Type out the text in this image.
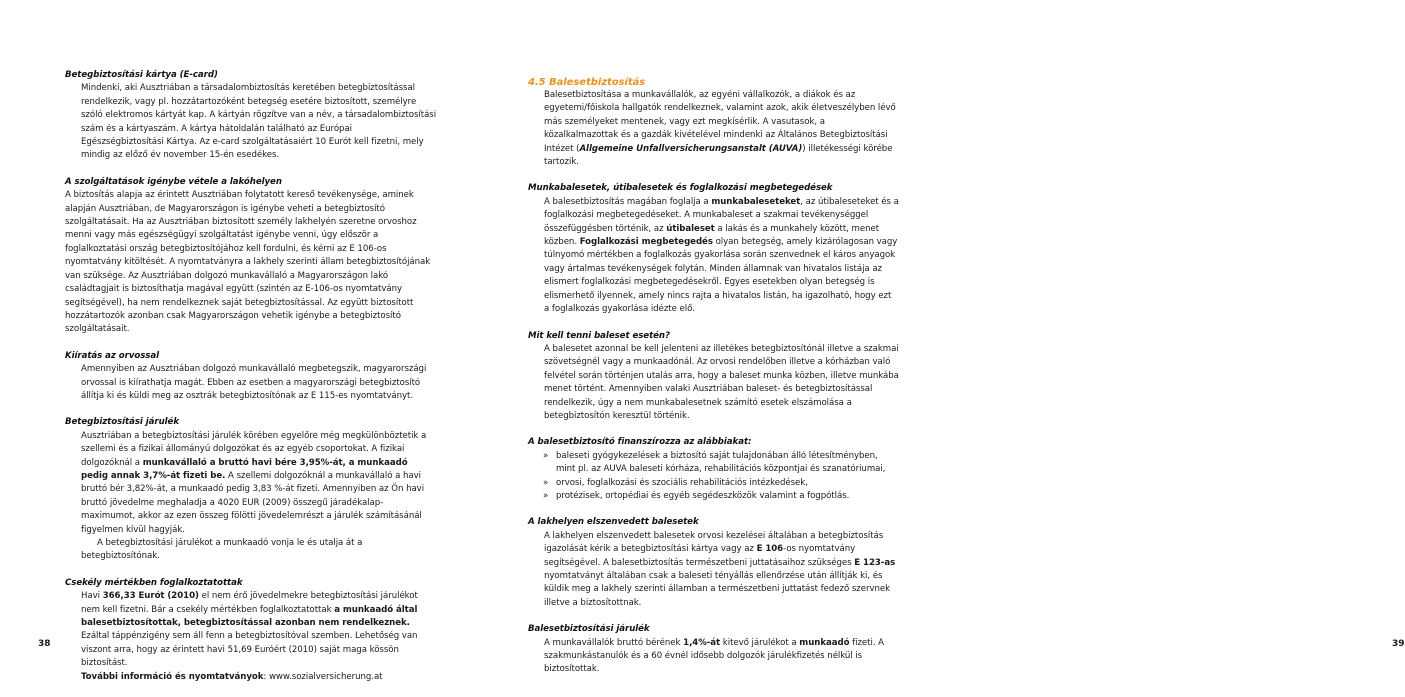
Betegbiztosítási kártya (E-card)

Mindenki, aki Ausztriában a társadalombiztosítás keretében betegbiztosítással rendelkezik, vagy pl. hozzátartozóként betegség esetére biztosított, személyre szóló elektromos kártyát kap. A kártyán rögzítve van a név, a társadalombiztosítási szám és a kártyaszám. A kártya hátoldalán található az Európai Egészségbiztosítási Kártya. Az e-card szolgáltatásaiért 10 Eurót kell fizetni, mely mindig az előző év november 15-én esedékes.

A szolgáltatások igénybe vétele a lakóhelyen

A biztosítás alapja az érintett Ausztriában folytatott kereső tevékenysége, aminek alapján Ausztriában, de Magyarországon is igénybe veheti a betegbiztosító szolgáltatásait. Ha az Ausztriában biztosított személy lakhelyén szeretne orvoshoz menni vagy más egészségügyi szolgáltatást igénybe venni, úgy először a foglalkoztatási ország betegbiztosítójához kell fordulni, és kérni az E 106-os nyomtatvány kitöltését. A nyomtatványra a lakhely szerinti állam betegbiztosítójának van szüksége. Az Ausztriában dolgozó munkavállaló a Magyarországon lakó családtagjait is biztosíthatja magával együtt (szintén az E-106-os nyomtatvány segítségével), ha nem rendelkeznek saját betegbiztosítással. Az együtt biztosított hozzátartozók azonban csak Magyarországon vehetik igénybe a betegbiztosító szolgáltatásait.

Kiíratás az orvossal

Amennyiben az Ausztriában dolgozó munkavállaló megbetegszik, magyarországi orvossal is kiírathatja magát. Ebben az esetben a magyarországi betegbiztosító állítja ki és küldi meg az osztrák betegbiztosítónak az E 115-es nyomtatványt.

Betegbiztosítási járulék

Ausztriában a betegbiztosítási járulék körében egyelőre még megkülönböztetik a szellemi és a fizikai állományú dolgozókat és az egyéb csoportokat. A fizikai dolgozóknál a munkavállaló a bruttó havi bére 3,95%-át, a munkaadó pedig annak 3,7%-át fizeti be. A szellemi dolgozóknál a munkavállaló a havi bruttó bér 3,82%-át, a munkaadó pedig 3,83 %-át fizeti. Amennyiben az Ön havi bruttó jövedelme meghaladja a 4020 EUR (2009) összegű járadékalap-maximumot, akkor az ezen összeg fölötti jövedelemrészt a járulék számításánál figyelmen kívül hagyják.

A betegbiztosítási járulékot a munkaadó vonja le és utalja át a betegbiztosítónak.

Csekély mértékben foglalkoztatottak

Havi 366,33 Eurót (2010) el nem érő jövedelmekre betegbiztosítási járulékot nem kell fizetni. Bár a csekély mértékben foglalkoztatottak a munkaadó által balesetbiztosítottak, betegbiztosítással azonban nem rendelkeznek. Ezáltal táppénzigény sem áll fenn a betegbiztosítóval szemben. Lehetőség van viszont arra, hogy az érintett havi 51,69 Euróért (2010) saját maga kössön biztosítást.

További információ és nyomtatványok: www.sozialversicherung.at

38	39
4.5 Balesetbiztosítás

Balesetbiztosítása a munkavállalók, az egyéni vállalkozók, a diákok és az egyetemi/főiskola hallgatók rendelkeznek, valamint azok, akik életveszélyben lévő más személyeket mentenek, vagy ezt megkísérlik. A vasutasok, a közalkalmazottak és a gazdák kivételével mindenki az Általános Betegbiztosítási Intézet (Allgemeine Unfallversicherungsanstalt (AUVA)) illetékességi körébe tartozik.

Munkabalesetek, útibalesetek és foglalkozási megbetegedések

A balesetbiztosítás magában foglalja a munkabaleseteket, az útibaleseteket és a foglalkozási megbetegedéseket. A munkabaleset a szakmai tevékenységgel összefüggésben történik, az útibaleset a lakás és a munkahely között, menet közben. Foglalkozási megbetegedés olyan betegség, amely kizárólagosan vagy túlnyomó mértékben a foglalkozás gyakorlása során szenvednek el káros anyagok vagy ártalmas tevékenységek folytán. Minden államnak van hivatalos listája az elismert foglalkozási megbetegedésekről. Egyes esetekben olyan betegség is elismerhető ilyennek, amely nincs rajta a hivatalos listán, ha igazolható, hogy ezt a foglalkozás gyakorlása idézte elő.

Mit kell tenni baleset esetén?

A balesetet azonnal be kell jelenteni az illetékes betegbiztosítónál illetve a szakmai szövetségnél vagy a munkaadónál. Az orvosi rendelőben illetve a kórházban való felvétel során történjen utalás arra, hogy a baleset munka közben, illetve munkába menet történt. Amennyiben valaki Ausztriában baleset- és betegbiztosítással rendelkezik, úgy a nem munkabalesetnek számító esetek elszámolása a betegbiztosítón keresztül történik.

A balesetbiztosító finanszírozza az alábbiakat:
» baleseti gyógykezelések a biztosító saját tulajdonában álló létesítményben, mint pl. az AUVA baleseti kórháza, rehabilitációs központjai és szanatóriumai,
» orvosi, foglalkozási és szociális rehabilitációs intézkedések,
» protézisek, ortopédiai és egyéb segédeszközök valamint a fogpótlás.
A lakhelyen elszenvedett balesetek

A lakhelyen elszenvedett balesetek orvosi kezelései általában a betegbiztosítás igazolását kérik a betegbiztosítási kártya vagy az E 106-os nyomtatvány segítségével. A balesetbiztosítás természetbeni juttatásaihoz szükséges E 123-as nyomtatványt általában csak a baleseti tényállás ellenőrzése után állítják ki, és küldik meg a lakhely szerinti államban a természetbeni juttatást fedező szervnek illetve a biztosítottnak.

Balesetbiztosítási járulék

A munkavállalók bruttó bérének 1,4%-át kitevő járulékot a munkaadó fizeti. A szakmunkástanulók és a 60 évnél idősebb dolgozók járulékfizetés nélkül is biztosítottak.
